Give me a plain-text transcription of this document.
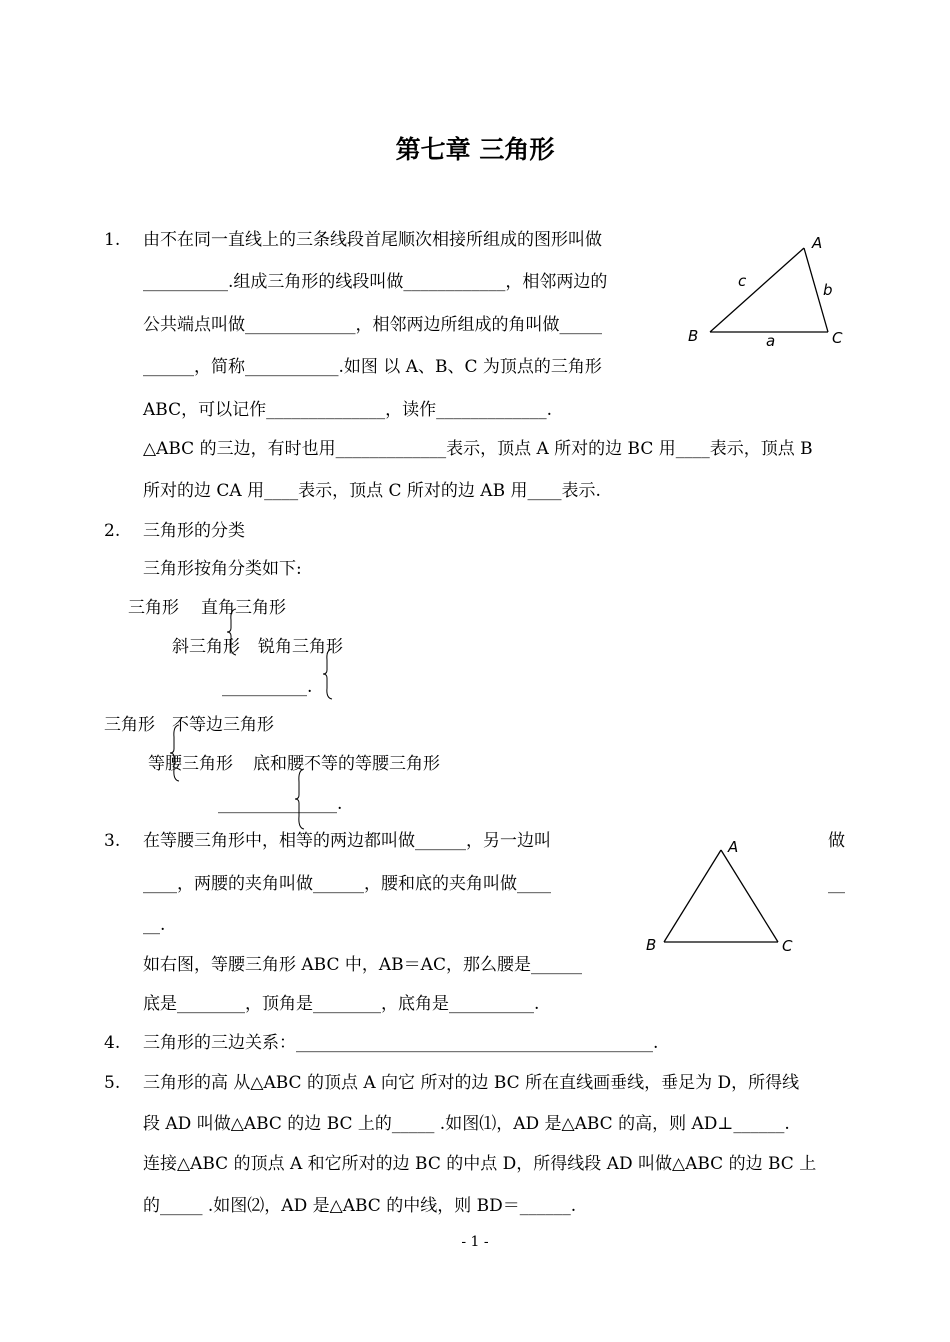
第七章 三角形
1. 由不在同一直线上的三条线段首尾顺次相接所组成的图形叫做
__________.组成三角形的线段叫做____________，相邻两边的
公共端点叫做_____________，相邻两边所组成的角叫做_____
______，简称___________.如图 以 A、B、C 为顶点的三角形
ABC，可以记作______________，读作_____________.
△ABC 的三边，有时也用_____________表示，顶点 A 所对的边 BC 用____表示，顶点 B
所对的边 CA 用____表示，顶点 C 所对的边 AB 用____表示.
A
B	C
a
b
c
2. 三角形的分类
三角形按角分类如下:
三角形 直角三角形
斜三角形 锐角三角形
__________.
三角形 不等边三角形
等腰三角形 底和腰不等的等腰三角形
______________.
3. 在等腰三角形中，相等的两边都叫做______，另一边叫	做
____，两腰的夹角叫做______，腰和底的夹角叫做____	__
__.
如右图，等腰三角形 ABC 中，AB＝AC，那么腰是______
底是________，顶角是________，底角是__________.
A
B	C
4. 三角形的三边关系：__________________________________________.
5. 三角形的高 从△ABC 的顶点 A 向它 所对的边 BC 所在直线画垂线，垂足为 D，所得线
段 AD 叫做△ABC 的边 BC 上的_____ .如图⑴，AD 是△ABC 的高，则 AD⊥______.
连接△ABC 的顶点 A 和它所对的边 BC 的中点 D，所得线段 AD 叫做△ABC 的边 BC 上
的_____ .如图⑵，AD 是△ABC 的中线，则 BD＝______.
- 1 -
